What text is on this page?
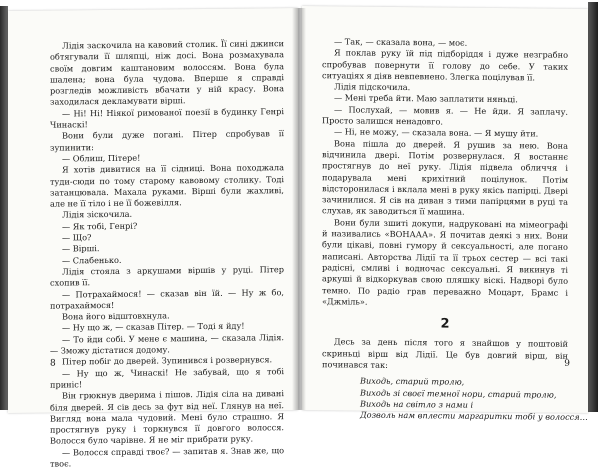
Лідія заскочила на кавовий столик. Її сині джинси обтягували її шляпці, ніж досі. Вона розмахувала своїм довгим каштановим волоссям. Вона була шалена; вона була чудова. Вперше я справді розгледів можливість вбачати у ній красу. Вона заходилася декламувати вірші.

— Ні! Ні! Ніякої римованої поезії в будинку Генрі Чинаскі!

Вони були дуже погані. Пітер спробував її зупинити:

— Облиш, Пітере!

Я хотів дивитися на її сідниці. Вона походжала туди-сюди по тому старому кавовому столику. Тоді затанцювала. Махала руками. Вірші були жахливі, але не її тіло і не її божевілля.

Лідія зіскочила.

— Як тобі, Генрі?

— Що?

— Вірші.

— Слабенько.

Лідія стояла з аркушами віршів у руці. Пітер схопив її.

— Потрахаймося! — сказав він їй. — Ну ж бо, потрахаймося!

Вона його відштовхнула.

— Ну що ж, — сказав Пітер. — Тоді я йду!

— То йди собі. У мене є машина, — сказала Лідія. — Зможу дістатися додому.

Пітер побіг до дверей. Зупинився і розвернувся.

— Ну що ж, Чинаскі! Не забувай, що я тобі приніс!

Він грюкнув дверима і пішов. Лідія сіла на дивані біля дверей. Я сів десь за фут від неї. Глянув на неї. Вигляд вона мала чудовий. Мені було страшно. Я простягнув руку і торкнувся її довгого волосся. Волосся було чарівне. Я не міг прибрати руку.

— Волосся справді твоє? — запитав я. Знав же, що твоє.

8

— Так, — сказала вона, — моє.

Я поклав руку їй під підборіддя і дуже незграбно спробував повернути її голову до себе. У таких ситуаціях я діяв невпевнено. Злегка поцілував її.

Лідія підскочила.

— Мені треба йти. Маю заплатити няньці.

— Послухай, — мовив я. — Не йди. Я заплачу. Просто залишся ненадовго.

— Ні, не можу, — сказала вона. — Я мушу йти.

Вона пішла до дверей. Я рушив за нею. Вона відчинила двері. Потім розвернулася. Я востаннє простягнув до неї руку. Лідія підвела обличчя і подарувала мені крихітний поцілунок. Потім відсторонилася і вклала мені в руку якісь папірці. Двері зачинилися. Я сів на диван з тими папірцями в руці та слухав, як заводиться її машина.

Вони були зшиті докупи, надруковані на мімеографі й називались «ВОНААА». Я почитав деякі з них. Вони були цікаві, повні гумору й сексуальності, але погано написані. Авторства Лідії та її трьох сестер — всі такі радісні, смливі і водночас сексуальні. Я викинув ті аркуші й відкоркував свою пляшку віскі. Надворі було темно. По радіо грав переважно Моцарт, Брамс і «Джміль».

2

Десь за день після того я знайшов у поштовій скриньці вірш від Лідії. Це був довгий вірш, він починався так:

Виходь, старий тролю,
Виходь зі своєї темної нори, старий тролю,
Виходь на світло з нами і
Дозволь нам вплести маргаритки тобі у волосся…
9
